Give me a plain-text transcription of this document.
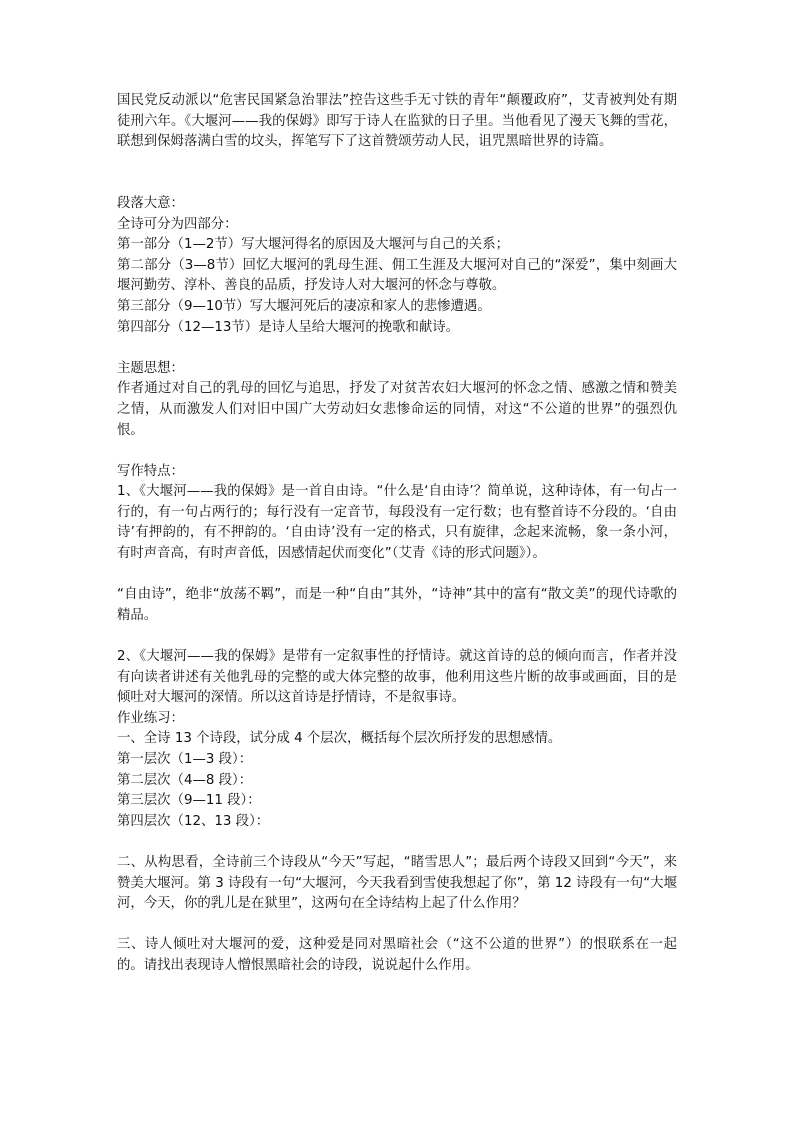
国民党反动派以“危害民国紧急治罪法”控告这些手无寸铁的青年“颠覆政府”，艾青被判处有期徒刑六年。《大堰河——我的保姆》即写于诗人在监狱的日子里。当他看见了漫天飞舞的雪花，联想到保姆落满白雪的坟头，挥笔写下了这首赞颂劳动人民，诅咒黑暗世界的诗篇。

段落大意：

全诗可分为四部分：

第一部分（1—2节）写大堰河得名的原因及大堰河与自己的关系；

第二部分（3—8节）回忆大堰河的乳母生涯、佣工生涯及大堰河对自己的“深爱”，集中刻画大堰河勤劳、淳朴、善良的品质，抒发诗人对大堰河的怀念与尊敬。

第三部分（9—10节）写大堰河死后的凄凉和家人的悲惨遭遇。

第四部分（12—13节）是诗人呈给大堰河的挽歌和献诗。

主题思想：

作者通过对自己的乳母的回忆与追思，抒发了对贫苦农妇大堰河的怀念之情、感激之情和赞美之情，从而激发人们对旧中国广大劳动妇女悲惨命运的同情，对这“不公道的世界”的强烈仇恨。

写作特点：

1、《大堰河——我的保姆》是一首自由诗。“什么是‘自由诗’？简单说，这种诗体，有一句占一行的，有一句占两行的；每行没有一定音节，每段没有一定行数；也有整首诗不分段的。‘自由诗’有押韵的，有不押韵的。‘自由诗’没有一定的格式，只有旋律，念起来流畅，象一条小河，有时声音高，有时声音低，因感情起伏而变化”（艾青《诗的形式问题》）。

“自由诗”，绝非“放荡不羁”，而是一种“自由”其外，“诗神”其中的富有“散文美”的现代诗歌的精品。

2、《大堰河——我的保姆》是带有一定叙事性的抒情诗。就这首诗的总的倾向而言，作者并没有向读者讲述有关他乳母的完整的或大体完整的故事，他利用这些片断的故事或画面，目的是倾吐对大堰河的深情。所以这首诗是抒情诗，不是叙事诗。

作业练习：

一、全诗 13 个诗段，试分成 4 个层次，概括每个层次所抒发的思想感情。

第一层次（1—3 段）：

第二层次（4—8 段）：

第三层次（9—11 段）：

第四层次（12、13 段）：

二、从构思看，全诗前三个诗段从“今天”写起，“睹雪思人”；最后两个诗段又回到“今天”，来赞美大堰河。第 3 诗段有一句“大堰河，今天我看到雪使我想起了你”，第 12 诗段有一句“大堰河，今天，你的乳儿是在狱里”，这两句在全诗结构上起了什么作用？

三、诗人倾吐对大堰河的爱，这种爱是同对黑暗社会（“这不公道的世界”）的恨联系在一起的。请找出表现诗人憎恨黑暗社会的诗段，说说起什么作用。
